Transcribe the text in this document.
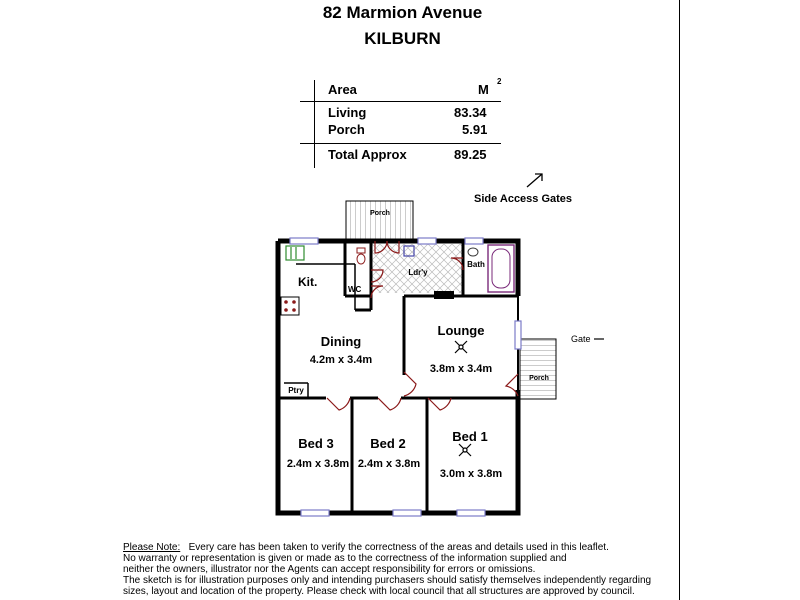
82 Marmion Avenue
KILBURN
Area	M
2
Living	83.34
Porch	5.91
Total Approx	89.25
Side Access Gates
Gate
Porch
Porch
Kit.
WC
Ldr'y
Bath
Dining
4.2m x 3.4m
Ptry
Lounge
3.8m x 3.4m
Bed 3
2.4m x 3.8m
Bed 2
2.4m x 3.8m
Bed 1
3.0m x 3.8m
Please Note: Every care has been taken to verify the correctness of the areas and details used in this leaflet.
No warranty or representation is given or made as to the correctness of the information supplied and
neither the owners, illustrator nor the Agents can accept responsibility for errors or omissions.
The sketch is for illustration purposes only and intending purchasers should satisfy themselves independently regarding
sizes, layout and location of the property. Please check with local council that all structures are approved by council.
